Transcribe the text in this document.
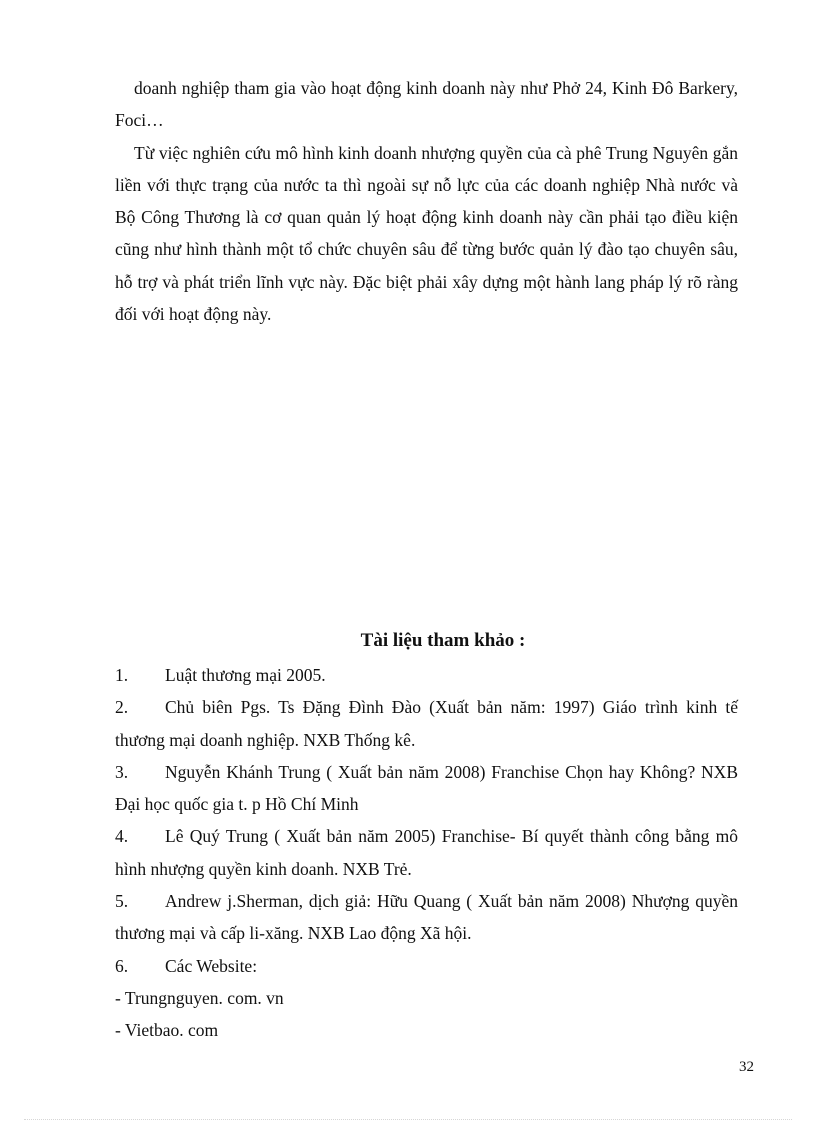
doanh nghiệp tham gia vào hoạt động kinh doanh này như Phở 24, Kinh Đô Barkery, Foci…

Từ việc nghiên cứu mô hình kinh doanh nhượng quyền của cà phê Trung Nguyên gắn liền với thực trạng của nước ta thì ngoài sự nỗ lực của các doanh nghiệp Nhà nước và Bộ Công Thương là cơ quan quản lý hoạt động kinh doanh này cần phải tạo điều kiện cũng như hình thành một tổ chức chuyên sâu để từng bước quản lý đào tạo chuyên sâu, hỗ trợ và phát triển lĩnh vực này. Đặc biệt phải xây dựng một hành lang pháp lý rõ ràng đối với hoạt động này.

Tài liệu tham khảo :
1. Luật thương mại 2005.
2. Chủ biên Pgs. Ts Đặng Đình Đào (Xuất bản năm: 1997) Giáo trình kinh tế thương mại doanh nghiệp. NXB Thống kê.
3. Nguyễn Khánh Trung ( Xuất bản năm 2008) Franchise Chọn hay Không? NXB Đại học quốc gia t. p Hồ Chí Minh
4. Lê Quý Trung ( Xuất bản năm 2005) Franchise- Bí quyết thành công bằng mô hình nhượng quyền kinh doanh. NXB Trẻ.
5. Andrew j.Sherman, dịch giả: Hữu Quang ( Xuất bản năm 2008) Nhượng quyền thương mại và cấp li-xăng. NXB Lao động Xã hội.
6. Các Website:
- Trungnguyen. com. vn
- Vietbao. com
32
